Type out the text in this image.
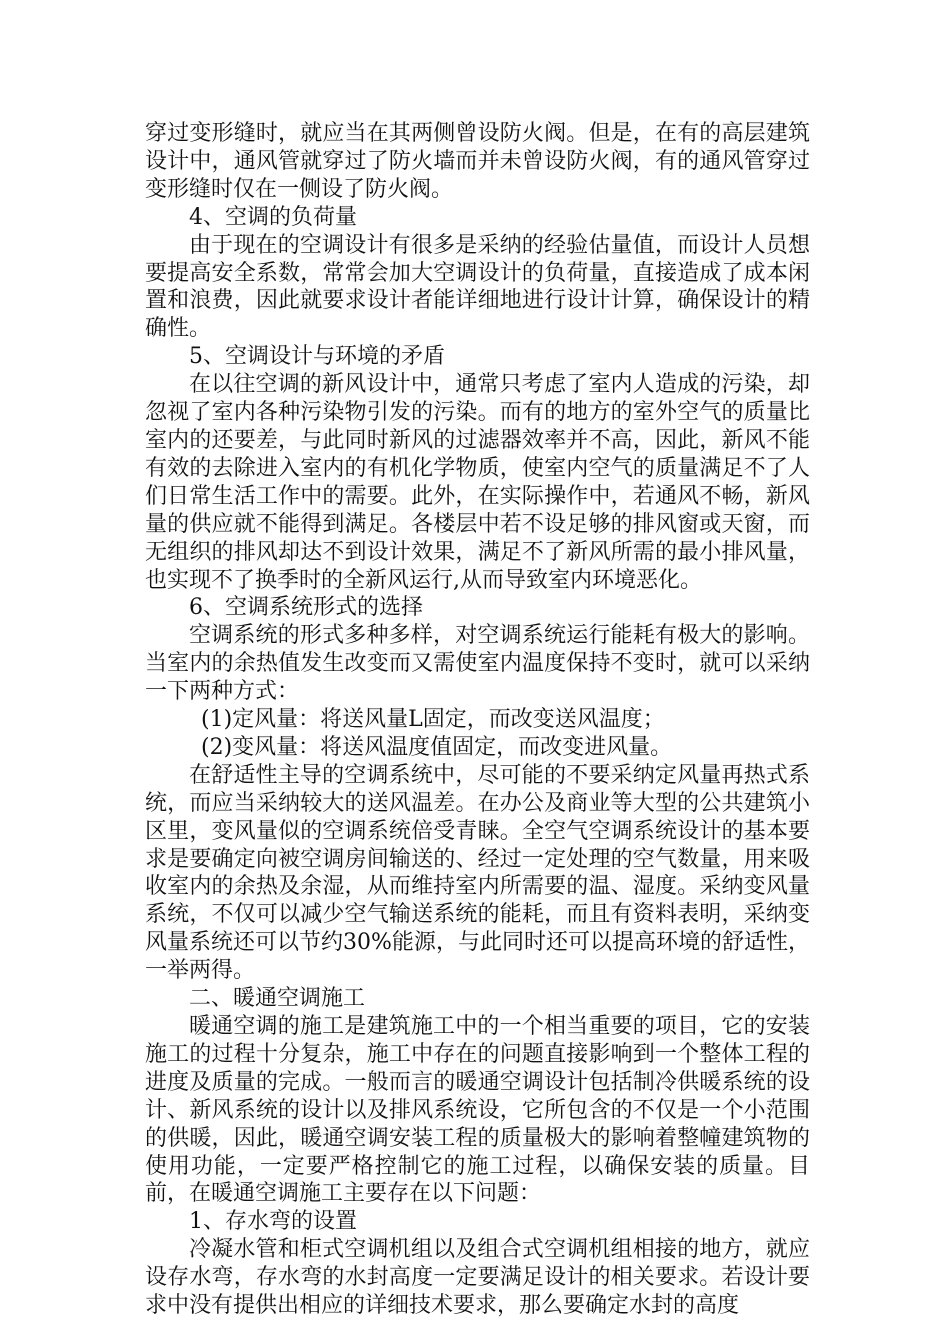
穿过变形缝时，就应当在其两侧曾设防火阀。但是，在有的高层建筑设计中，通风管就穿过了防火墙而并未曾设防火阀，有的通风管穿过变形缝时仅在一侧设了防火阀。

4、空调的负荷量

由于现在的空调设计有很多是采纳的经验估量值，而设计人员想要提高安全系数，常常会加大空调设计的负荷量，直接造成了成本闲置和浪费，因此就要求设计者能详细地进行设计计算，确保设计的精确性。

5、空调设计与环境的矛盾

在以往空调的新风设计中，通常只考虑了室内人造成的污染，却忽视了室内各种污染物引发的污染。而有的地方的室外空气的质量比室内的还要差，与此同时新风的过滤器效率并不高，因此，新风不能有效的去除进入室内的有机化学物质，使室内空气的质量满足不了人们日常生活工作中的需要。此外，在实际操作中，若通风不畅，新风量的供应就不能得到满足。各楼层中若不设足够的排风窗或天窗，而无组织的排风却达不到设计效果，满足不了新风所需的最小排风量，也实现不了换季时的全新风运行,从而导致室内环境恶化。

6、空调系统形式的选择

空调系统的形式多种多样，对空调系统运行能耗有极大的影响。当室内的余热值发生改变而又需使室内温度保持不变时，就可以采纳一下两种方式：

(1)定风量：将送风量L固定，而改变送风温度；

(2)变风量：将送风温度值固定，而改变进风量。

在舒适性主导的空调系统中，尽可能的不要采纳定风量再热式系统，而应当采纳较大的送风温差。在办公及商业等大型的公共建筑小区里，变风量似的空调系统倍受青睐。全空气空调系统设计的基本要求是要确定向被空调房间输送的、经过一定处理的空气数量，用来吸收室内的余热及余湿，从而维持室内所需要的温、湿度。采纳变风量系统，不仅可以减少空气输送系统的能耗，而且有资料表明，采纳变风量系统还可以节约30%能源，与此同时还可以提高环境的舒适性，一举两得。

二、暖通空调施工

暖通空调的施工是建筑施工中的一个相当重要的项目，它的安装施工的过程十分复杂，施工中存在的问题直接影响到一个整体工程的进度及质量的完成。一般而言的暖通空调设计包括制冷供暖系统的设计、新风系统的设计以及排风系统设，它所包含的不仅是一个小范围的供暖，因此，暖通空调安装工程的质量极大的影响着整幢建筑物的使用功能，一定要严格控制它的施工过程，以确保安装的质量。目前，在暖通空调施工主要存在以下问题：

1、存水弯的设置

冷凝水管和柜式空调机组以及组合式空调机组相接的地方，就应设存水弯，存水弯的水封高度一定要满足设计的相关要求。若设计要求中没有提供出相应的详细技术要求，那么要确定水封的高度
